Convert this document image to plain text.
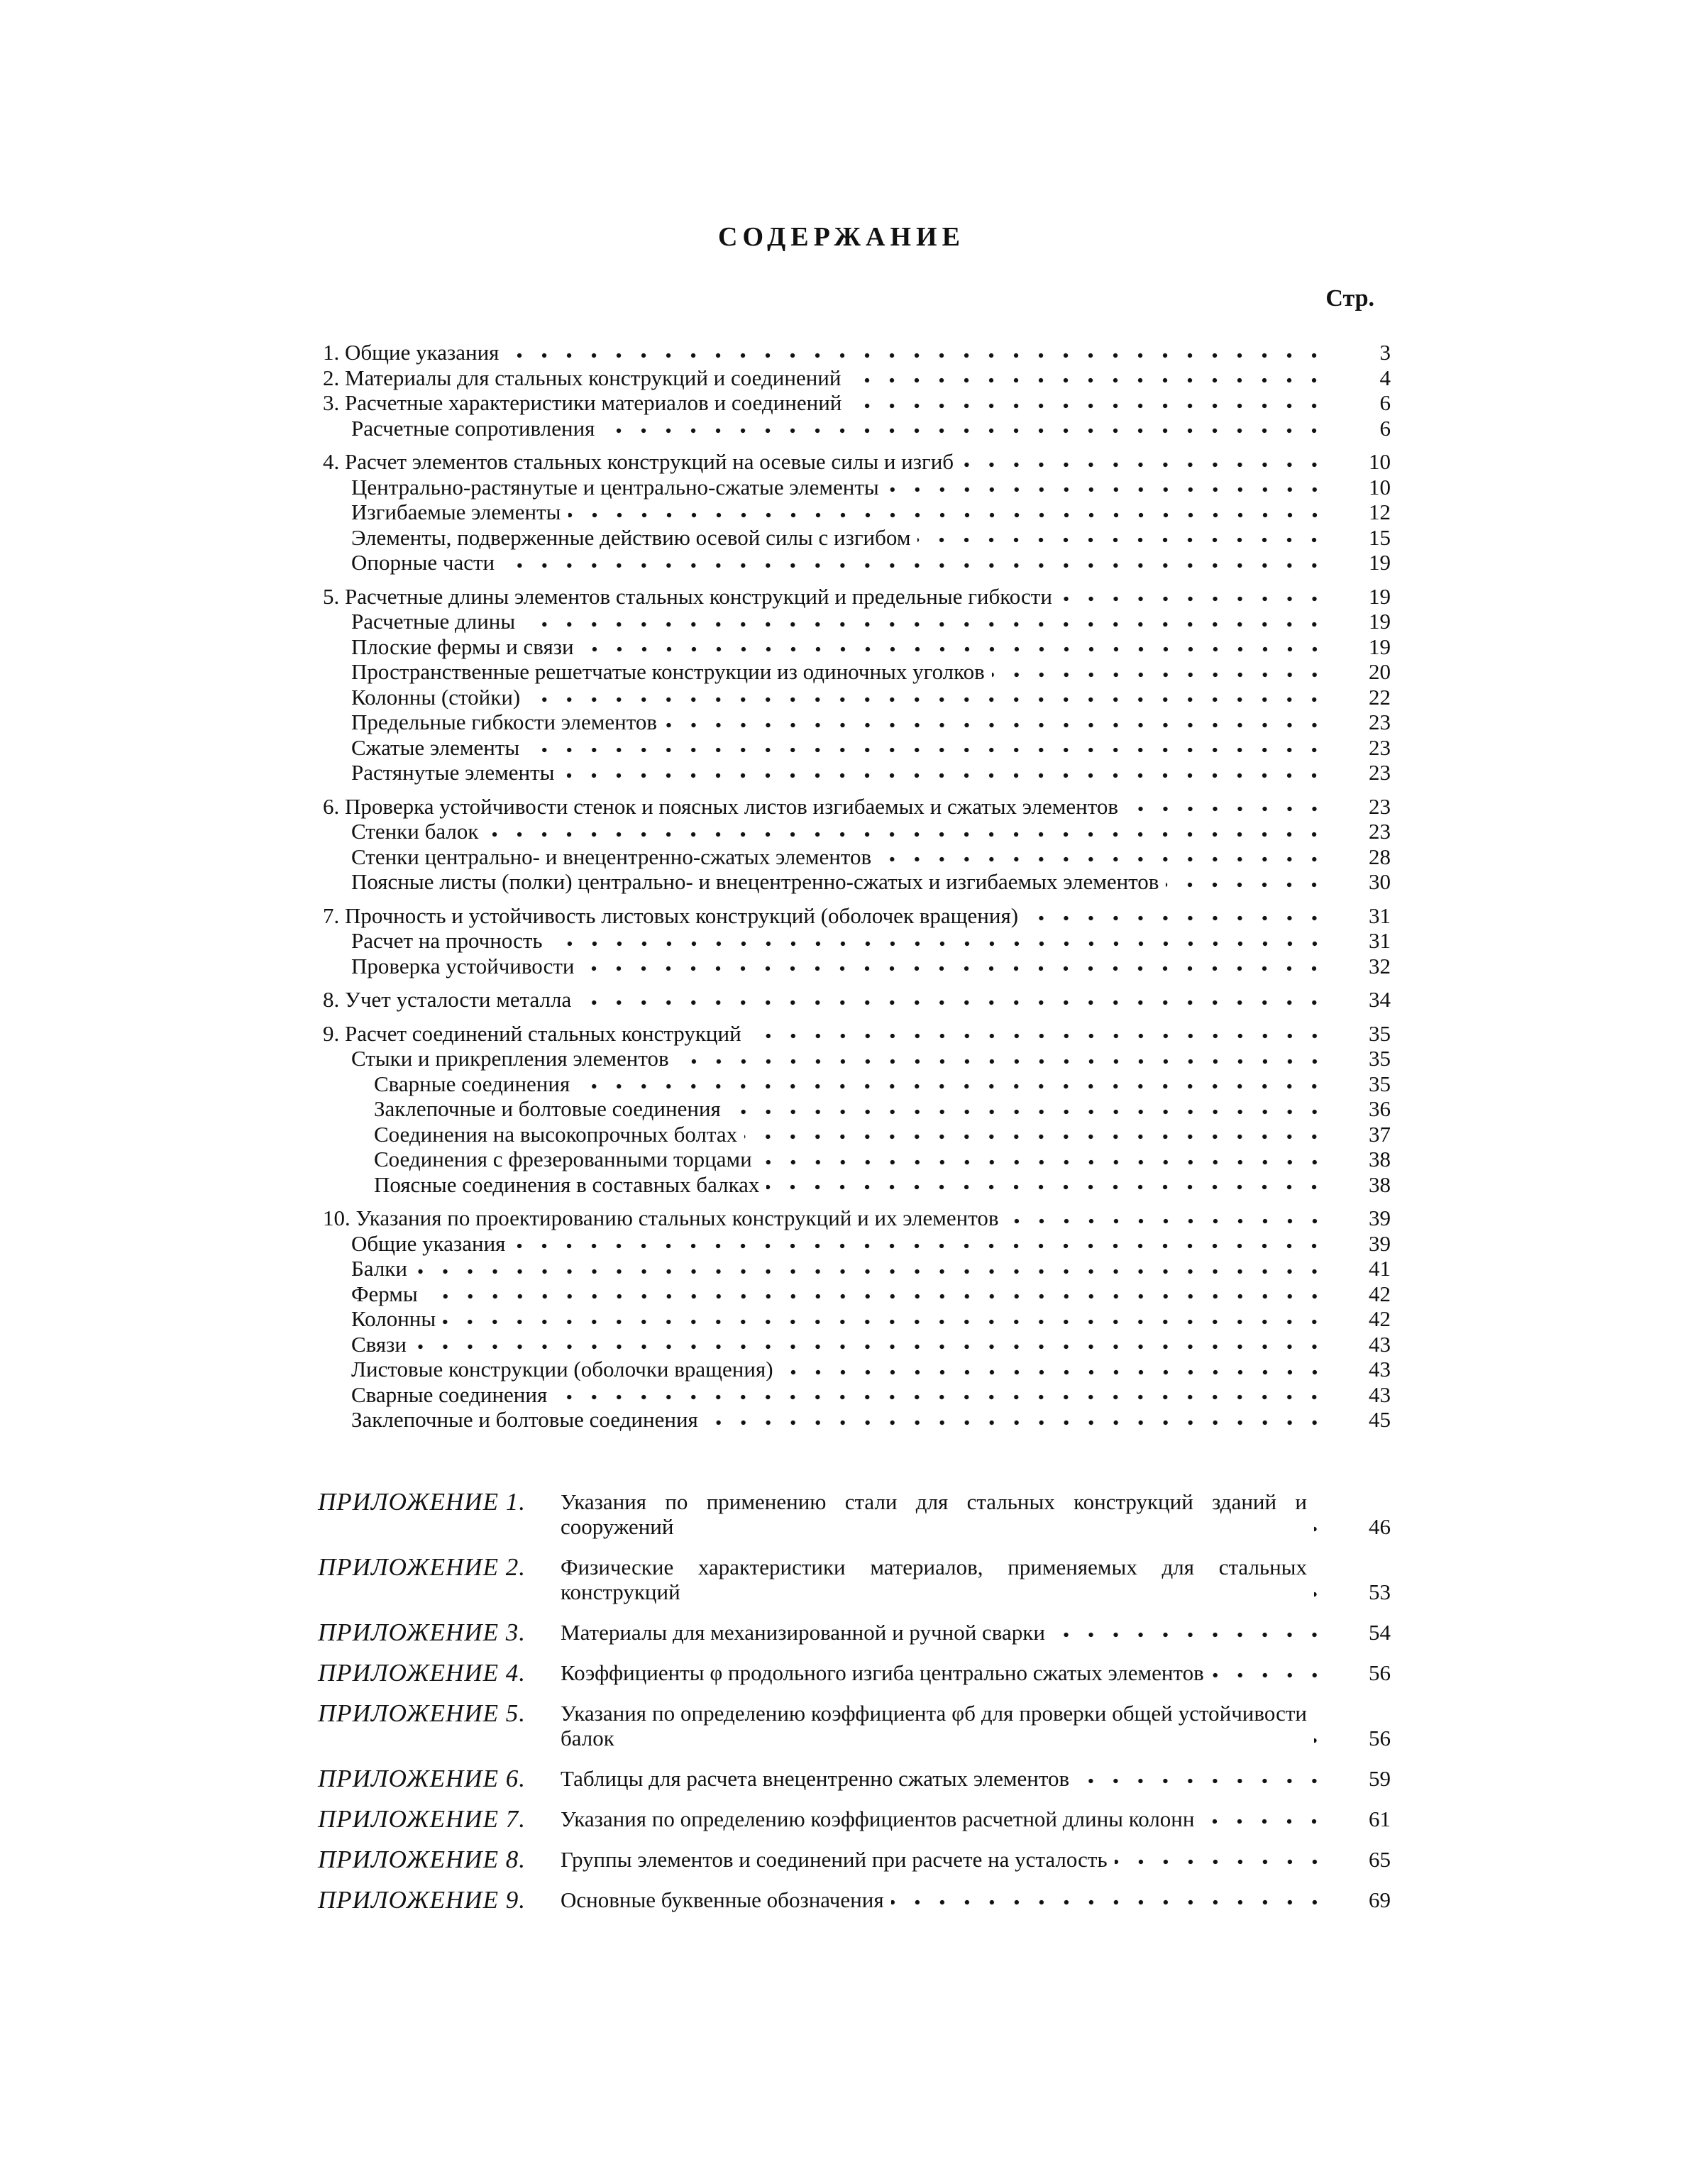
СОДЕРЖАНИЕ
Стр.
1. Общие указания	3
2. Материалы для стальных конструкций и соединений	4
3. Расчетные характеристики материалов и соединений	6
Расчетные сопротивления	6
4. Расчет элементов стальных конструкций на осевые силы и изгиб	10
Центрально-растянутые и центрально-сжатые элементы	10
Изгибаемые элементы	12
Элементы, подверженные действию осевой силы с изгибом	15
Опорные части	19
5. Расчетные длины элементов стальных конструкций и предельные гибкости	19
Расчетные длины	19
Плоские фермы и связи	19
Пространственные решетчатые конструкции из одиночных уголков	20
Колонны (стойки)	22
Предельные гибкости элементов	23
Сжатые элементы	23
Растянутые элементы	23
6. Проверка устойчивости стенок и поясных листов изгибаемых и сжатых элементов	23
Стенки балок	23
Стенки центрально- и внецентренно-сжатых элементов	28
Поясные листы (полки) центрально- и внецентренно-сжатых и изгибаемых элементов	30
7. Прочность и устойчивость листовых конструкций (оболочек вращения)	31
Расчет на прочность	31
Проверка устойчивости	32
8. Учет усталости металла	34
9. Расчет соединений стальных конструкций	35
Стыки и прикрепления элементов	35
Сварные соединения	35
Заклепочные и болтовые соединения	36
Соединения на высокопрочных болтах	37
Соединения с фрезерованными торцами	38
Поясные соединения в составных балках	38
10. Указания по проектированию стальных конструкций и их элементов	39
Общие указания	39
Балки	41
Фермы	42
Колонны	42
Связи	43
Листовые конструкции (оболочки вращения)	43
Сварные соединения	43
Заклепочные и болтовые соединения	45
ПРИЛОЖЕНИЕ 1.	Указания по применению стали для стальных конструкций зданий и сооружений	46
ПРИЛОЖЕНИЕ 2.	Физические характеристики материалов, применяемых для стальных конструкций	53
ПРИЛОЖЕНИЕ 3.	Материалы для механизированной и ручной сварки	54
ПРИЛОЖЕНИЕ 4.	Коэффициенты φ продольного изгиба центрально сжатых элементов	56
ПРИЛОЖЕНИЕ 5.	Указания по определению коэффициента φб для проверки общей устойчивости балок	56
ПРИЛОЖЕНИЕ 6.	Таблицы для расчета внецентренно сжатых элементов	59
ПРИЛОЖЕНИЕ 7.	Указания по определению коэффициентов расчетной длины колонн	61
ПРИЛОЖЕНИЕ 8.	Группы элементов и соединений при расчете на усталость	65
ПРИЛОЖЕНИЕ 9.	Основные буквенные обозначения	69
